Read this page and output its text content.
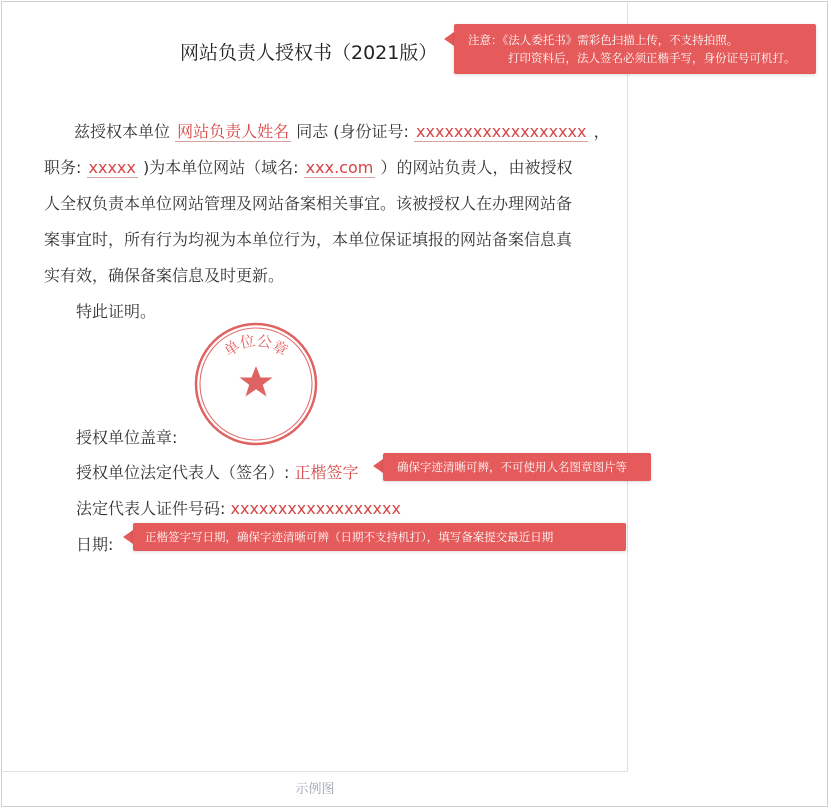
网站负责人授权书（2021版）
兹授权本单位 网站负责人姓名 同志 (身份证号: xxxxxxxxxxxxxxxxxx ，
职务: xxxxx )为本单位网站（域名: xxx.com ）的网站负责人，由被授权
人全权负责本单位网站管理及网站备案相关事宜。该被授权人在办理网站备
案事宜时，所有行为均视为本单位行为，本单位保证填报的网站备案信息真
实有效，确保备案信息及时更新。
特此证明。
单位公章
授权单位盖章:
授权单位法定代表人（签名）: 正楷签字
法定代表人证件号码: xxxxxxxxxxxxxxxxxx
日期:
注意：《法人委托书》需彩色扫描上传，不支持拍照。
打印资料后，法人签名必须正楷手写，身份证号可机打。
确保字迹清晰可辨，不可使用人名图章图片等
正楷签字写日期，确保字迹清晰可辨（日期不支持机打），填写备案提交最近日期
示例图
